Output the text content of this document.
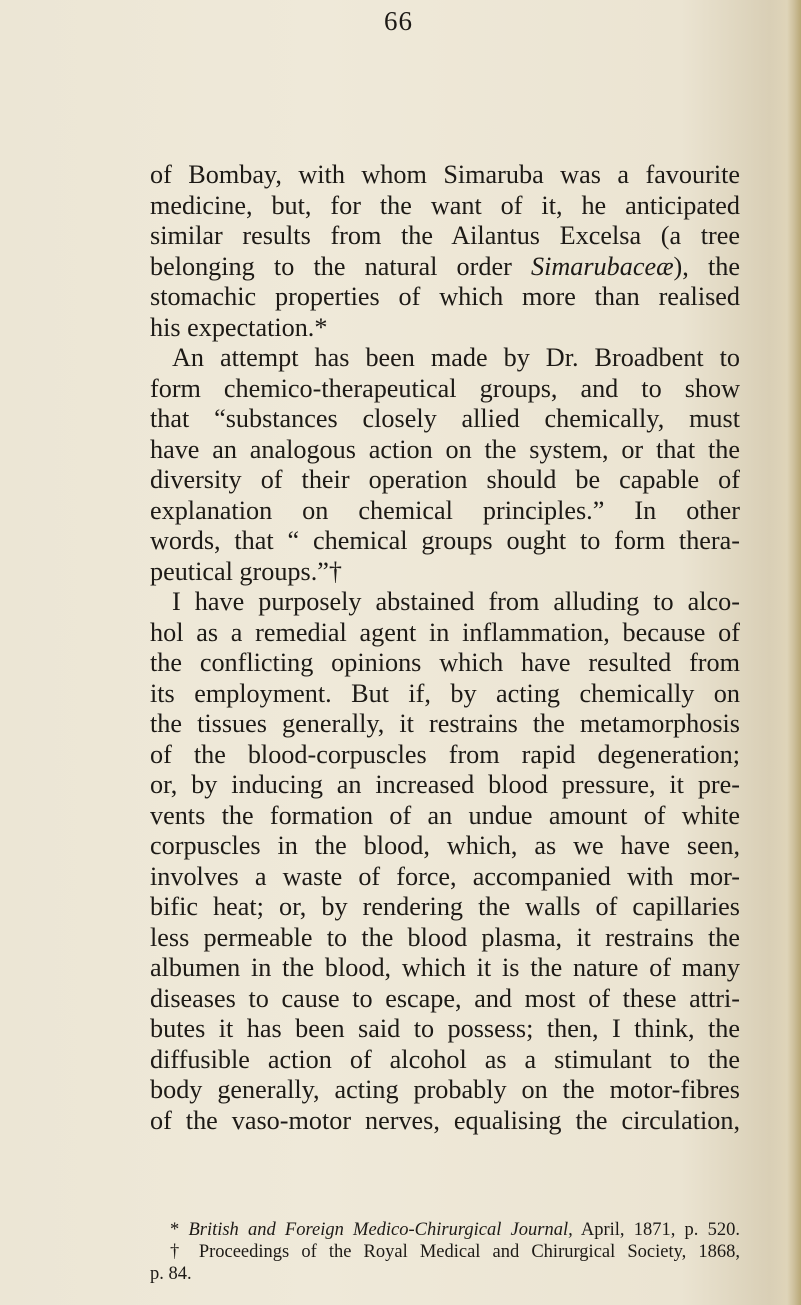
66
of Bombay, with whom Simaruba was a favourite
medicine, but, for the want of it, he anticipated
similar results from the Ailantus Excelsa (a tree
belonging to the natural order Simarubaceæ), the
stomachic properties of which more than realised
his expectation.*
An attempt has been made by Dr. Broadbent to
form chemico-therapeutical groups, and to show
that “substances closely allied chemically, must
have an analogous action on the system, or that the
diversity of their operation should be capable of
explanation on chemical principles.” In other
words, that “ chemical groups ought to form thera-
peutical groups.”†
I have purposely abstained from alluding to alco-
hol as a remedial agent in inflammation, because of
the conflicting opinions which have resulted from
its employment. But if, by acting chemically on
the tissues generally, it restrains the metamorphosis
of the blood-corpuscles from rapid degeneration;
or, by inducing an increased blood pressure, it pre-
vents the formation of an undue amount of white
corpuscles in the blood, which, as we have seen,
involves a waste of force, accompanied with mor-
bific heat; or, by rendering the walls of capillaries
less permeable to the blood plasma, it restrains the
albumen in the blood, which it is the nature of many
diseases to cause to escape, and most of these attri-
butes it has been said to possess; then, I think, the
diffusible action of alcohol as a stimulant to the
body generally, acting probably on the motor-fibres
of the vaso-motor nerves, equalising the circulation,
* British and Foreign Medico-Chirurgical Journal, April, 1871, p. 520.
† Proceedings of the Royal Medical and Chirurgical Society, 1868,
p. 84.
